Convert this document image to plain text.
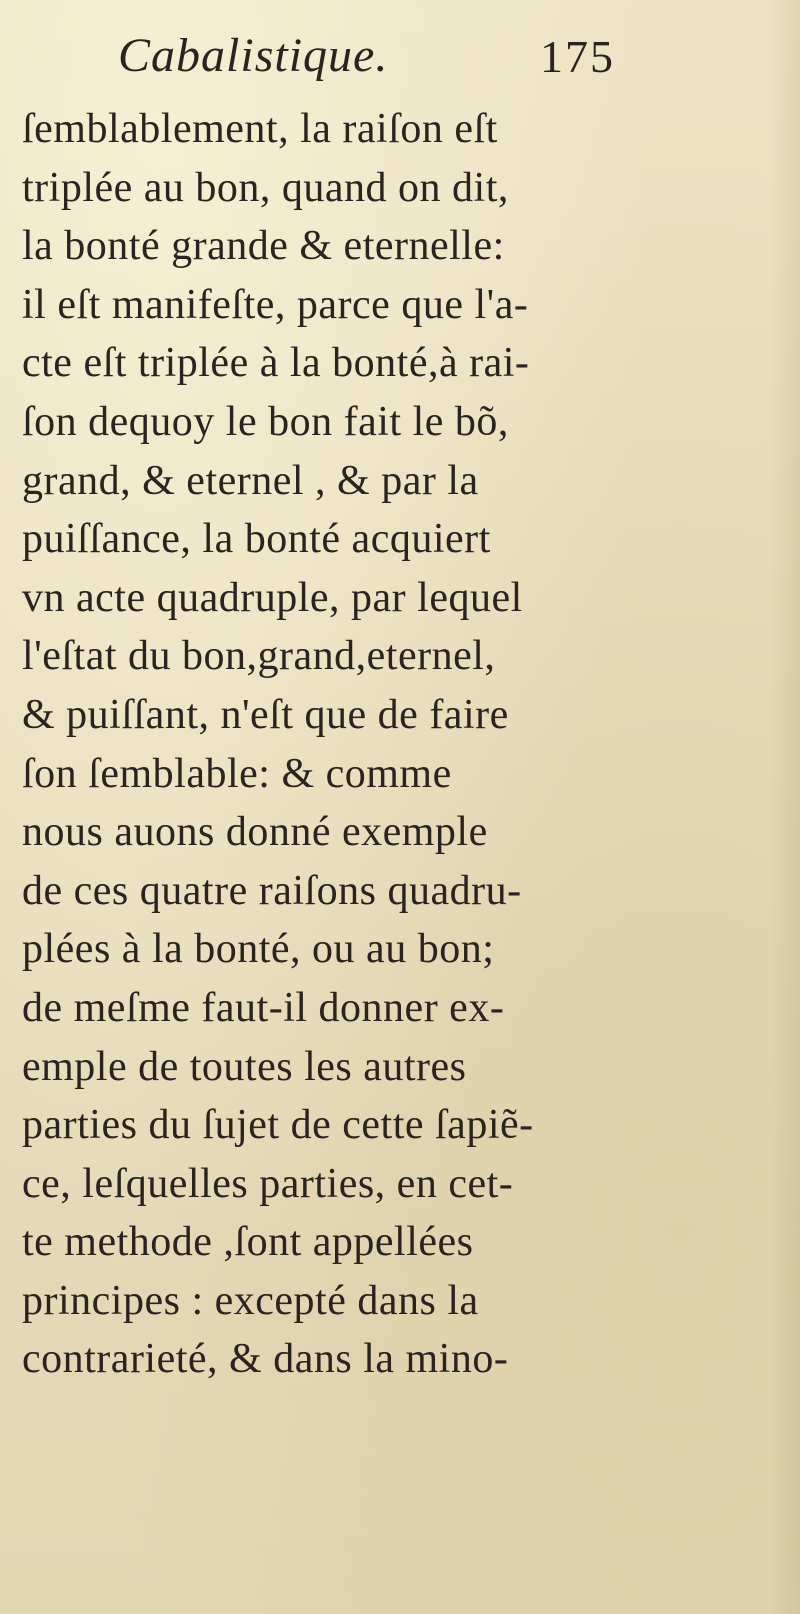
Cabalistique.	175
ſemblablement, la raiſon eſt
triplée au bon, quand on dit,
la bonté grande & eternelle:
il eſt manifeſte, parce que l'a-
cte eſt triplée à la bonté,à rai-
ſon dequoy le bon fait le bõ,
grand, & eternel , & par la
puiſſance, la bonté acquiert
vn acte quadruple, par lequel
l'eſtat du bon,grand,eternel,
& puiſſant, n'eſt que de faire
ſon ſemblable: & comme
nous auons donné exemple
de ces quatre raiſons quadru-
plées à la bonté, ou au bon;
de meſme faut-il donner ex-
emple de toutes les autres
parties du ſujet de cette ſapiẽ-
ce, leſquelles parties, en cet-
te methode ,ſont appellées
principes : excepté dans la
contrarieté, & dans la mino-
